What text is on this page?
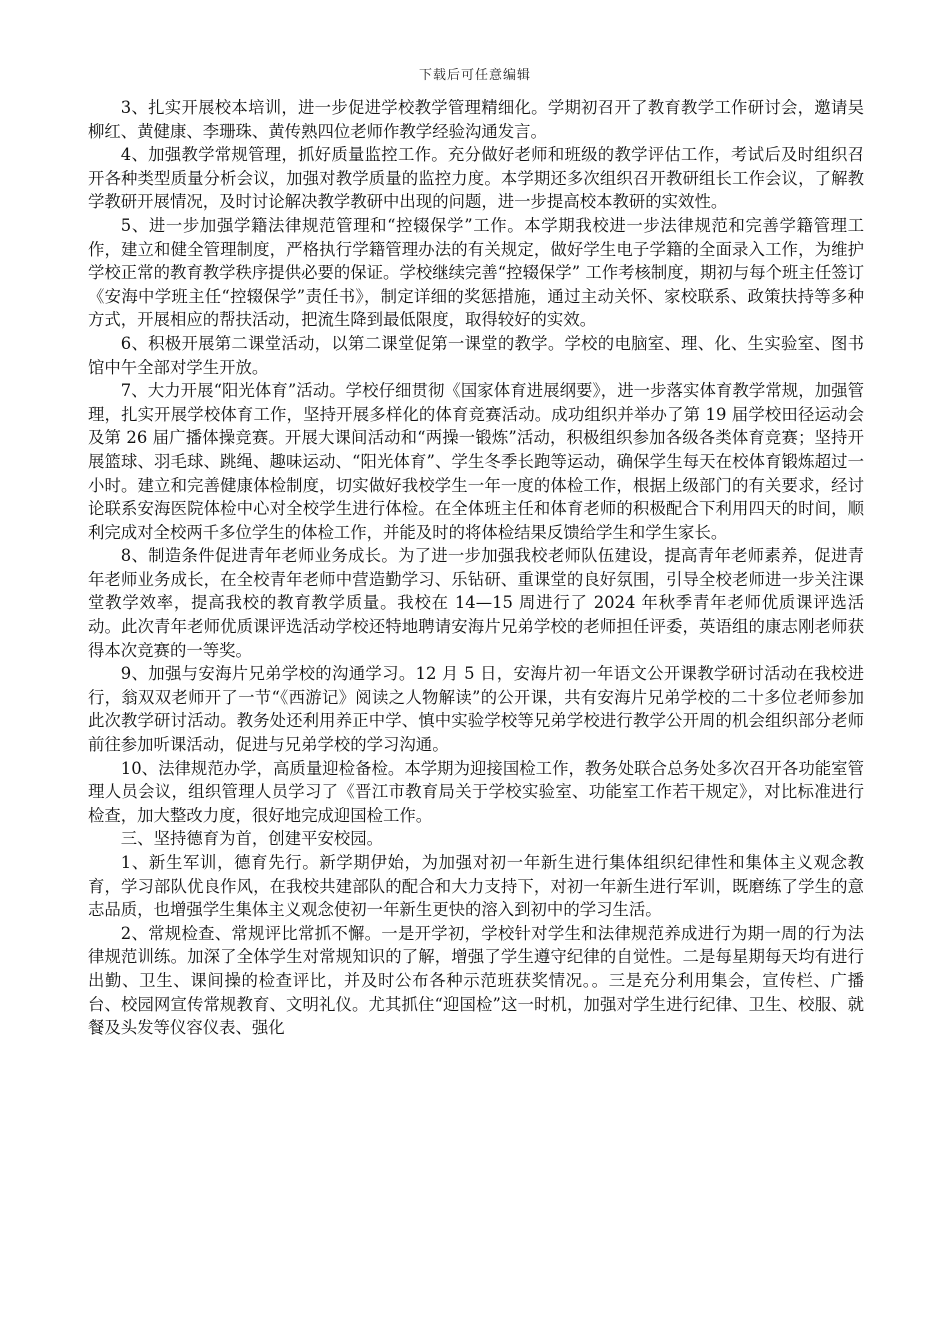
下载后可任意编辑

3、扎实开展校本培训，进一步促进学校教学管理精细化。学期初召开了教育教学工作研讨会，邀请吴柳红、黄健康、李珊珠、黄传熟四位老师作教学经验沟通发言。

4、加强教学常规管理，抓好质量监控工作。充分做好老师和班级的教学评估工作，考试后及时组织召开各种类型质量分析会议，加强对教学质量的监控力度。本学期还多次组织召开教研组长工作会议，了解教学教研开展情况，及时讨论解决教学教研中出现的问题，进一步提高校本教研的实效性。

5、进一步加强学籍法律规范管理和“控辍保学”工作。本学期我校进一步法律规范和完善学籍管理工作，建立和健全管理制度，严格执行学籍管理办法的有关规定，做好学生电子学籍的全面录入工作，为维护学校正常的教育教学秩序提供必要的保证。学校继续完善“控辍保学” 工作考核制度，期初与每个班主任签订《安海中学班主任“控辍保学”责任书》，制定详细的奖惩措施，通过主动关怀、家校联系、政策扶持等多种方式，开展相应的帮扶活动，把流生降到最低限度，取得较好的实效。

6、积极开展第二课堂活动，以第二课堂促第一课堂的教学。学校的电脑室、理、化、生实验室、图书馆中午全部对学生开放。

7、大力开展“阳光体育”活动。学校仔细贯彻《国家体育进展纲要》，进一步落实体育教学常规，加强管理，扎实开展学校体育工作，坚持开展多样化的体育竞赛活动。成功组织并举办了第 19 届学校田径运动会及第 26 届广播体操竞赛。开展大课间活动和“两操一锻炼”活动，积极组织参加各级各类体育竞赛；坚持开展篮球、羽毛球、跳绳、趣味运动、“阳光体育”、学生冬季长跑等运动，确保学生每天在校体育锻炼超过一小时。建立和完善健康体检制度，切实做好我校学生一年一度的体检工作，根据上级部门的有关要求，经讨论联系安海医院体检中心对全校学生进行体检。在全体班主任和体育老师的积极配合下利用四天的时间，顺利完成对全校两千多位学生的体检工作，并能及时的将体检结果反馈给学生和学生家长。

8、制造条件促进青年老师业务成长。为了进一步加强我校老师队伍建设，提高青年老师素养，促进青年老师业务成长，在全校青年老师中营造勤学习、乐钻研、重课堂的良好氛围，引导全校老师进一步关注课堂教学效率，提高我校的教育教学质量。我校在 14—15 周进行了 2024 年秋季青年老师优质课评选活动。此次青年老师优质课评选活动学校还特地聘请安海片兄弟学校的老师担任评委，英语组的康志刚老师获得本次竞赛的一等奖。

9、加强与安海片兄弟学校的沟通学习。12 月 5 日，安海片初一年语文公开课教学研讨活动在我校进行，翁双双老师开了一节“《西游记》阅读之人物解读”的公开课，共有安海片兄弟学校的二十多位老师参加此次教学研讨活动。教务处还利用养正中学、慎中实验学校等兄弟学校进行教学公开周的机会组织部分老师前往参加听课活动，促进与兄弟学校的学习沟通。

10、法律规范办学，高质量迎检备检。本学期为迎接国检工作，教务处联合总务处多次召开各功能室管理人员会议，组织管理人员学习了《晋江市教育局关于学校实验室、功能室工作若干规定》，对比标准进行检查，加大整改力度，很好地完成迎国检工作。

三、坚持德育为首，创建平安校园。

1、新生军训，德育先行。新学期伊始，为加强对初一年新生进行集体组织纪律性和集体主义观念教育，学习部队优良作风，在我校共建部队的配合和大力支持下，对初一年新生进行军训，既磨练了学生的意志品质，也增强学生集体主义观念使初一年新生更快的溶入到初中的学习生活。

2、常规检查、常规评比常抓不懈。一是开学初，学校针对学生和法律规范养成进行为期一周的行为法律规范训练。加深了全体学生对常规知识的了解，增强了学生遵守纪律的自觉性。二是每星期每天均有进行出勤、卫生、课间操的检查评比，并及时公布各种示范班获奖情况。。三是充分利用集会，宣传栏、广播台、校园网宣传常规教育、文明礼仪。尤其抓住“迎国检”这一时机，加强对学生进行纪律、卫生、校服、就餐及头发等仪容仪表、强化
